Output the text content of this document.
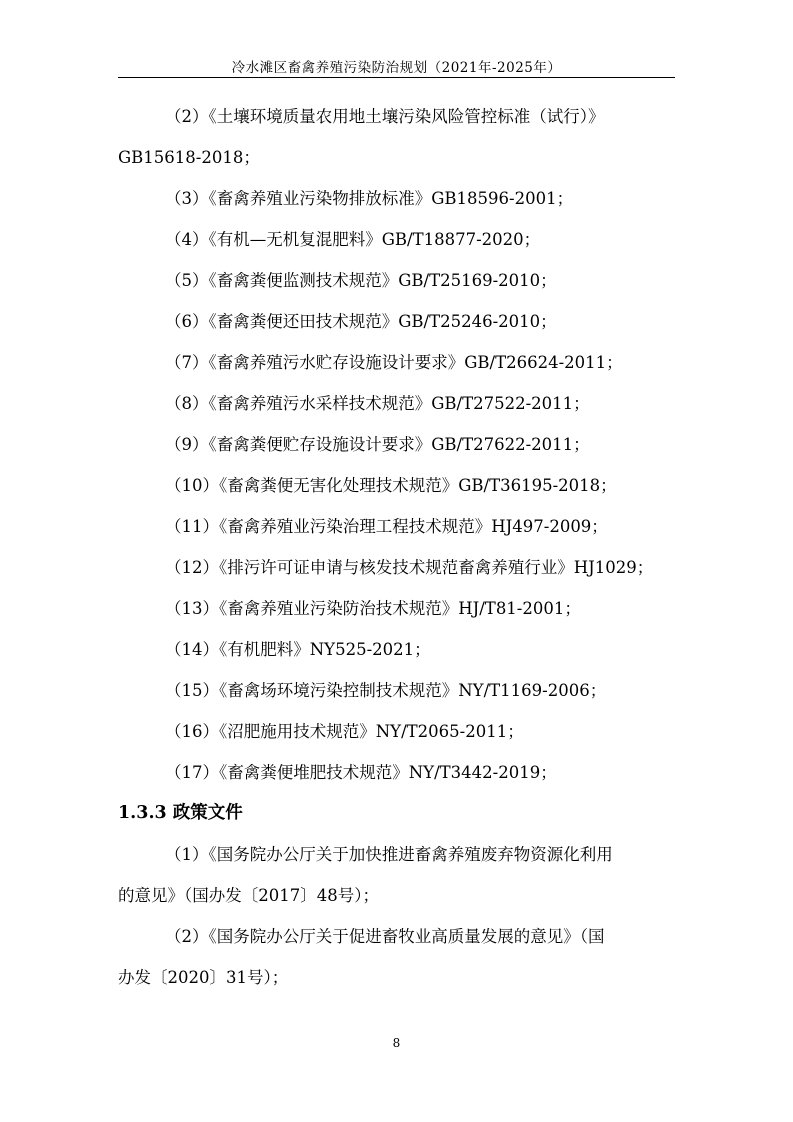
冷水滩区畜禽养殖污染防治规划（2021年-2025年）
（2）《土壤环境质量农用地土壤污染风险管控标准（试行）》
GB15618-2018；
（3）《畜禽养殖业污染物排放标准》GB18596-2001；
（4）《有机—无机复混肥料》GB/T18877-2020；
（5）《畜禽粪便监测技术规范》GB/T25169-2010；
（6）《畜禽粪便还田技术规范》GB/T25246-2010；
（7）《畜禽养殖污水贮存设施设计要求》GB/T26624-2011；
（8）《畜禽养殖污水采样技术规范》GB/T27522-2011；
（9）《畜禽粪便贮存设施设计要求》GB/T27622-2011；
（10）《畜禽粪便无害化处理技术规范》GB/T36195-2018；
（11）《畜禽养殖业污染治理工程技术规范》HJ497-2009；
（12）《排污许可证申请与核发技术规范畜禽养殖行业》HJ1029；
（13）《畜禽养殖业污染防治技术规范》HJ/T81-2001；
（14）《有机肥料》NY525-2021；
（15）《畜禽场环境污染控制技术规范》NY/T1169-2006；
（16）《沼肥施用技术规范》NY/T2065-2011；
（17）《畜禽粪便堆肥技术规范》NY/T3442-2019；
1.3.3 政策文件
（1）《国务院办公厅关于加快推进畜禽养殖废弃物资源化利用
的意见》（国办发〔2017〕48号）；
（2）《国务院办公厅关于促进畜牧业高质量发展的意见》（国
办发〔2020〕31号）；
8
